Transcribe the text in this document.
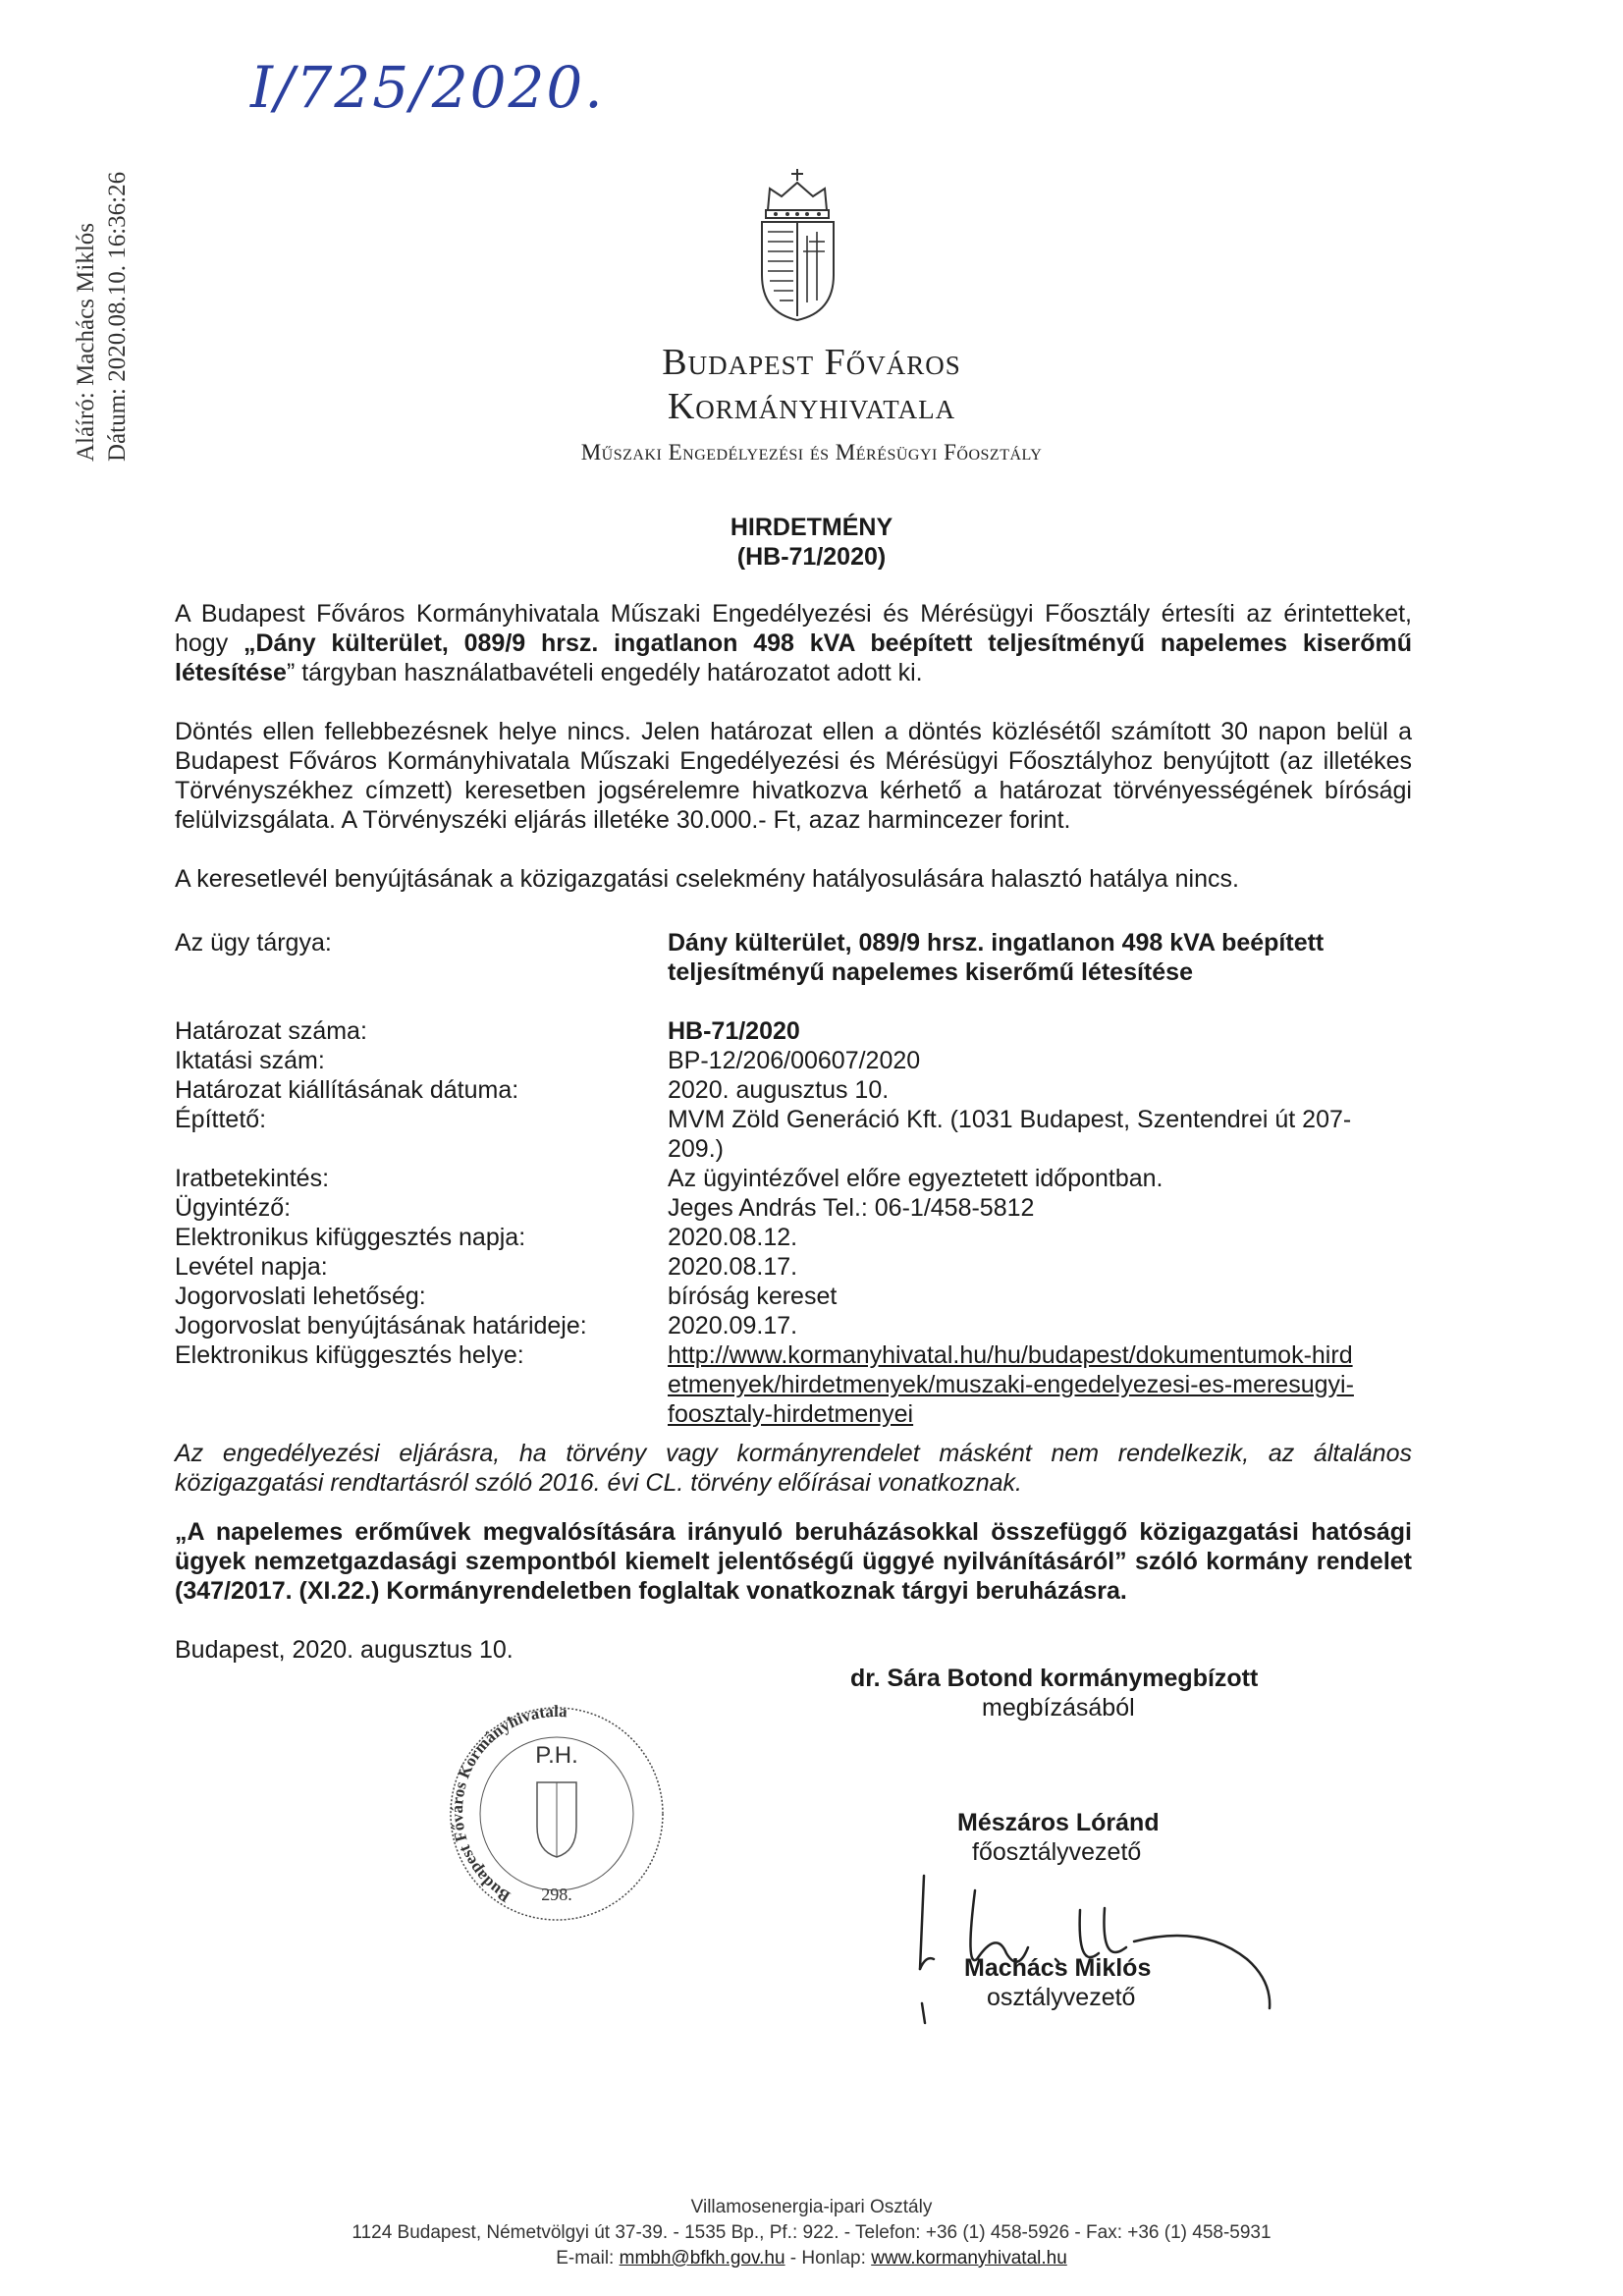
Aláíró: Machács Miklós Dátum: 2020.08.10. 16:36:26
I/725/2020.
Budapest Főváros
Kormányhivatala
Műszaki Engedélyezési és Mérésügyi Főosztály
HIRDETMÉNY
(HB-71/2020)
A Budapest Főváros Kormányhivatala Műszaki Engedélyezési és Mérésügyi Főosztály értesíti az érintetteket, hogy „Dány külterület, 089/9 hrsz. ingatlanon 498 kVA beépített teljesítményű napelemes kiserőmű létesítése” tárgyban használatbavételi engedély határozatot adott ki.
Döntés ellen fellebbezésnek helye nincs. Jelen határozat ellen a döntés közlésétől számított 30 napon belül a Budapest Főváros Kormányhivatala Műszaki Engedélyezési és Mérésügyi Főosztályhoz benyújtott (az illetékes Törvényszékhez címzett) keresetben jogsérelemre hivatkozva kérhető a határozat törvényességének bírósági felülvizsgálata. A Törvényszéki eljárás illetéke 30.000.- Ft, azaz harmincezer forint.
A keresetlevél benyújtásának a közigazgatási cselekmény hatályosulására halasztó hatálya nincs.
Az ügy tárgya:	Dány külterület, 089/9 hrsz. ingatlanon 498 kVA beépített teljesítményű napelemes kiserőmű létesítése
Határozat száma:	HB-71/2020
Iktatási szám:	BP-12/206/00607/2020
Határozat kiállításának dátuma:	2020. augusztus 10.
Építtető:	MVM Zöld Generáció Kft. (1031 Budapest, Szentendrei út 207-209.)
Iratbetekintés:	Az ügyintézővel előre egyeztetett időpontban.
Ügyintéző:	Jeges András Tel.: 06-1/458-5812
Elektronikus kifüggesztés napja:	2020.08.12.
Levétel napja:	2020.08.17.
Jogorvoslati lehetőség:	bíróság kereset
Jogorvoslat benyújtásának határideje:	2020.09.17.
Elektronikus kifüggesztés helye:	http://www.kormanyhivatal.hu/hu/budapest/dokumentumok-hirdetmenyek/hirdetmenyek/muszaki-engedelyezesi-es-meresugyi-foosztaly-hirdetmenyei
Az engedélyezési eljárásra, ha törvény vagy kormányrendelet másként nem rendelkezik, az általános közigazgatási rendtartásról szóló 2016. évi CL. törvény előírásai vonatkoznak.
„A napelemes erőművek megvalósítására irányuló beruházásokkal összefüggő közigazgatási hatósági ügyek nemzetgazdasági szempontból kiemelt jelentőségű üggyé nyilvánításáról” szóló kormány rendelet (347/2017. (XI.22.) Kormányrendeletben foglaltak vonatkoznak tárgyi beruházásra.
Budapest, 2020. augusztus 10.
dr. Sára Botond kormánymegbízott
megbízásából
Mészáros Lóránd
főosztályvezető
Machács Miklós
osztályvezető
Budapest Főváros Kormányhivatala
P.H.
298.
Villamosenergia-ipari Osztály
1124 Budapest, Németvölgyi út 37-39. - 1535 Bp., Pf.: 922. - Telefon: +36 (1) 458-5926 - Fax: +36 (1) 458-5931
E-mail: mmbh@bfkh.gov.hu - Honlap: www.kormanyhivatal.hu
